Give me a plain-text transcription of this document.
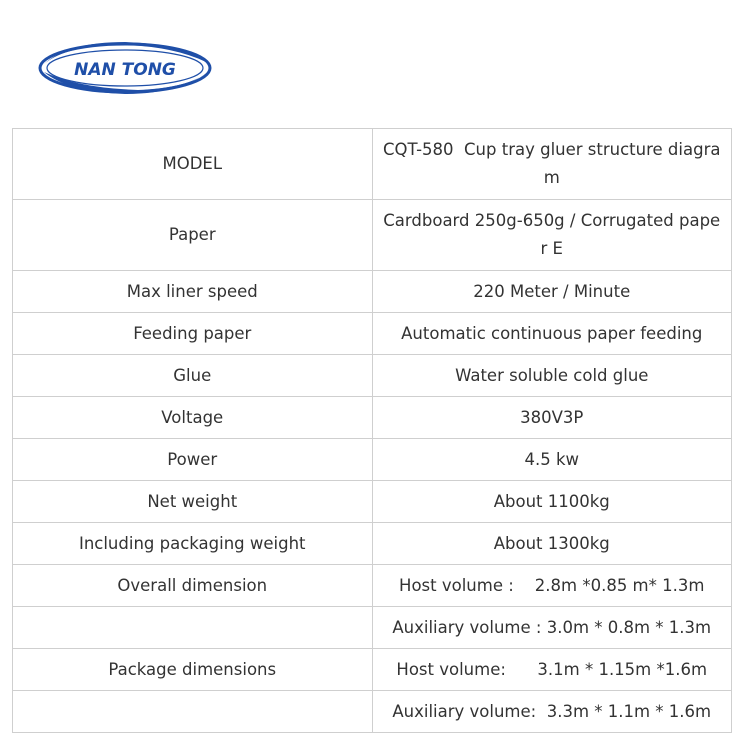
NAN TONG
MODEL	CQT-580  Cup tray gluer structure diagram
Paper	Cardboard 250g-650g / Corrugated paper E
Max liner speed	220 Meter / Minute
Feeding paper	Automatic continuous paper feeding
Glue	Water soluble cold glue
Voltage	380V3P
Power	4.5 kw
Net weight	About 1100kg
Including packaging weight	About 1300kg
Overall dimension	Host volume :    2.8m *0.85 m* 1.3m
	Auxiliary volume : 3.0m * 0.8m * 1.3m
Package dimensions	Host volume:      3.1m * 1.15m *1.6m
	Auxiliary volume:  3.3m * 1.1m * 1.6m
